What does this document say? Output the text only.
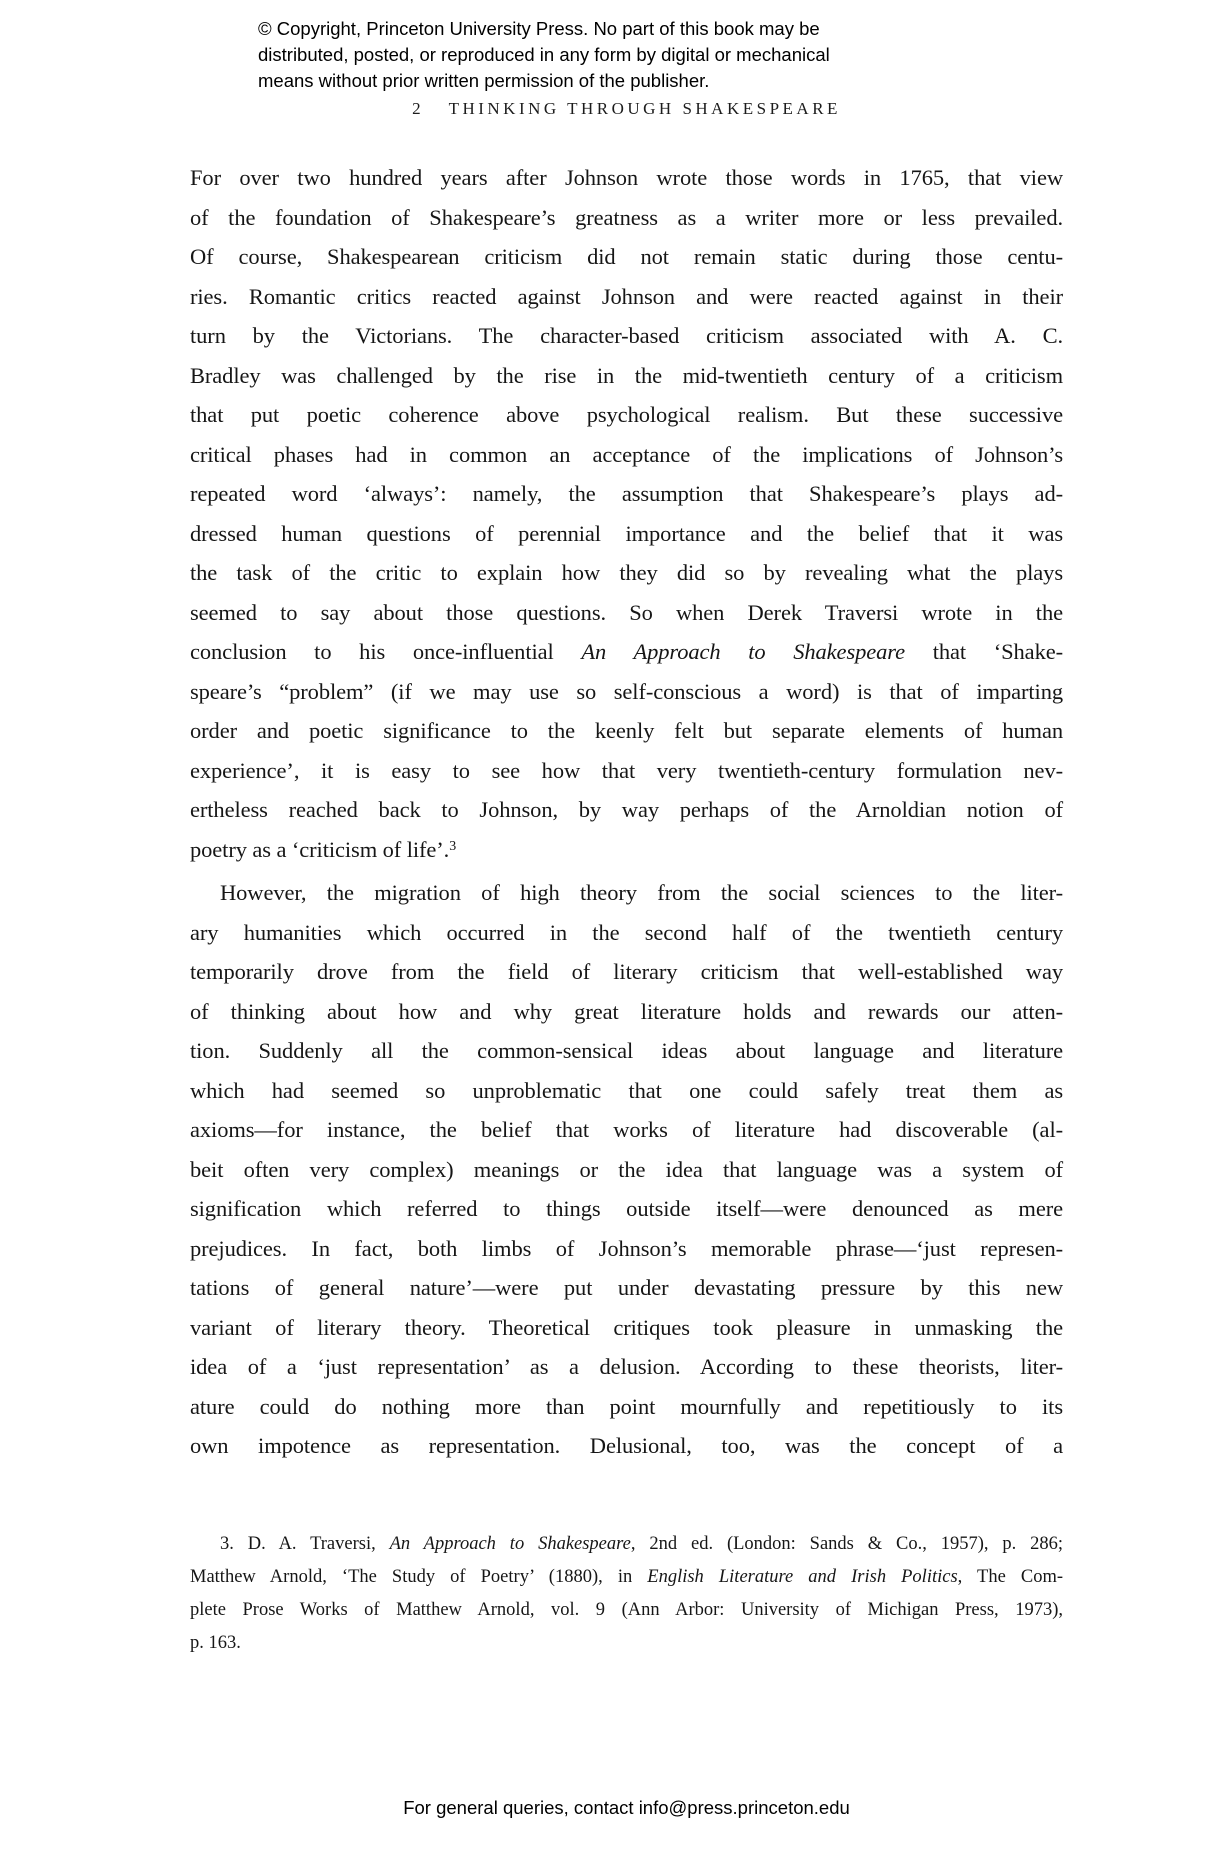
© Copyright, Princeton University Press. No part of this book may be
distributed, posted, or reproduced in any form by digital or mechanical
means without prior written permission of the publisher.
2 THINKING THROUGH SHAKESPEARE
For over two hundred years after Johnson wrote those words in 1765, that view
of the foundation of Shakespeare’s greatness as a writer more or less prevailed.
Of course, Shakespearean criticism did not remain static during those centu-
ries. Romantic critics reacted against Johnson and were reacted against in their
turn by the Victorians. The character-based criticism associated with A. C.
Bradley was challenged by the rise in the mid-twentieth century of a criticism
that put poetic coherence above psychological realism. But these successive
critical phases had in common an acceptance of the implications of Johnson’s
repeated word ‘always’: namely, the assumption that Shakespeare’s plays ad-
dressed human questions of perennial importance and the belief that it was
the task of the critic to explain how they did so by revealing what the plays
seemed to say about those questions. So when Derek Traversi wrote in the
conclusion to his once-influential An Approach to Shakespeare that ‘Shake-
speare’s “problem” (if we may use so self-conscious a word) is that of imparting
order and poetic significance to the keenly felt but separate elements of human
experience’, it is easy to see how that very twentieth-century formulation nev-
ertheless reached back to Johnson, by way perhaps of the Arnoldian notion of
poetry as a ‘criticism of life’.$^3$
However, the migration of high theory from the social sciences to the liter-
ary humanities which occurred in the second half of the twentieth century
temporarily drove from the field of literary criticism that well-established way
of thinking about how and why great literature holds and rewards our atten-
tion. Suddenly all the common-sensical ideas about language and literature
which had seemed so unproblematic that one could safely treat them as
axioms—for instance, the belief that works of literature had discoverable (al-
beit often very complex) meanings or the idea that language was a system of
signification which referred to things outside itself—were denounced as mere
prejudices. In fact, both limbs of Johnson’s memorable phrase—‘just represen-
tations of general nature’—were put under devastating pressure by this new
variant of literary theory. Theoretical critiques took pleasure in unmasking the
idea of a ‘just representation’ as a delusion. According to these theorists, liter-
ature could do nothing more than point mournfully and repetitiously to its
own impotence as representation. Delusional, too, was the concept of a
3. D. A. Traversi, An Approach to Shakespeare, 2nd ed. (London: Sands & Co., 1957), p. 286;
Matthew Arnold, ‘The Study of Poetry’ (1880), in English Literature and Irish Politics, The Com-
plete Prose Works of Matthew Arnold, vol. 9 (Ann Arbor: University of Michigan Press, 1973),
p. 163.
For general queries, contact info@press.princeton.edu
